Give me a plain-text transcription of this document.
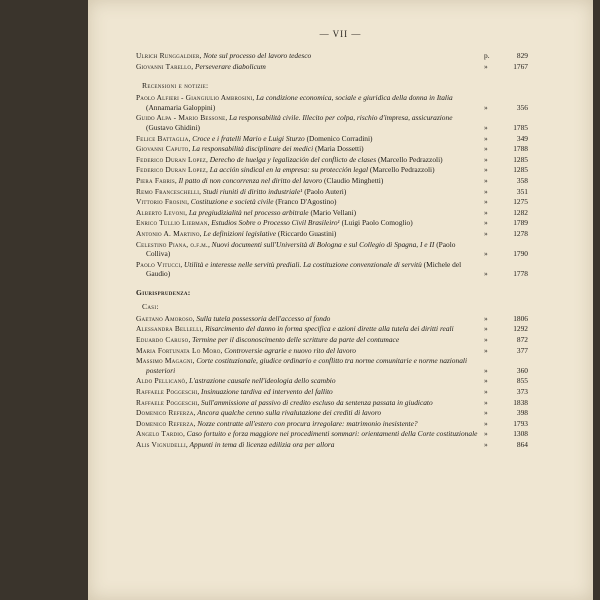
— VII —
Ulrich Runggaldier, Note sul processo del lavoro tedesco	p.	829
Giovanni Tarello, Perseverare diabolicum	»	1767
Recensioni e notizie:
Paolo Alfieri - Giangiulio Ambrosini, La condizione economica, sociale e giuridica della donna in Italia (Annamaria Galoppini)	»	356
Guido Alpa - Mario Bessone, La responsabilità civile. Illecito per colpa, rischio d'impresa, assicurazione (Gustavo Ghidini)	»	1785
Felice Battaglia, Croce e i fratelli Mario e Luigi Sturzo (Domenico Corradini)	»	349
Giovanni Caputo, La responsabilità disciplinare dei medici (Maria Dossetti)	»	1788
Federico Duran Lopez, Derecho de huelga y legalización del conflicto de clases (Marcello Pedrazzoli)	»	1285
Federico Duran Lopez, La acción sindical en la empresa: su protección legal (Marcello Pedrazzoli)	»	1285
Piera Fabris, Il patto di non concorrenza nel diritto del lavoro (Claudio Minghetti)	»	358
Remo Franceschelli, Studi riuniti di diritto industriale¹ (Paolo Auteri)	»	351
Vittorio Frosini, Costituzione e società civile (Franco D'Agostino)	»	1275
Alberto Levoni, La pregiudizialità nel processo arbitrale (Mario Vellani)	»	1282
Enrico Tullio Liebman, Estudios Sobre o Processo Civil Brasileiro¹ (Luigi Paolo Comoglio)	»	1789
Antonio A. Martino, Le definizioni legislative (Riccardo Guastini)	»	1278
Celestino Piana, o.f.m., Nuovi documenti sull'Università di Bologna e sul Collegio di Spagna, I e II (Paolo Colliva)	»	1790
Paolo Vitucci, Utilità e interesse nelle servitù prediali. La costituzione convenzionale di servitù (Michele del Gaudio)	»	1778
Giurisprudenza:
Casi:
Gaetano Amoroso, Sulla tutela possessoria dell'accesso al fondo	»	1806
Alessandra Bellelli, Risarcimento del danno in forma specifica e azioni dirette alla tutela dei diritti reali	»	1292
Eduardo Caruso, Termine per il disconoscimento delle scritture da parte del contumace	»	872
Maria Fortunata Lo Moro, Controversie agrarie e nuovo rito del lavoro	»	377
Massimo Magagni, Corte costituzionale, giudice ordinario e conflitto tra norme comunitarie e norme nazionali posteriori	»	360
Aldo Pellicanò, L'astrazione causale nell'ideologia dello scambio	»	855
Raffaele Poggeschi, Insinuazione tardiva ed intervento del fallito	»	373
Raffaele Poggeschi, Sull'ammissione al passivo di credito escluso da sentenza passata in giudicato	»	1838
Domenico Referza, Ancora qualche cenno sulla rivalutazione dei crediti di lavoro	»	398
Domenico Referza, Nozze contratte all'estero con procura irregolare: matrimonio inesistente?	»	1793
Angelo Tardio, Caso fortuito e forza maggiore nei procedimenti sommari: orientamenti della Corte costituzionale »	1308
Alis Vignudelli, Appunti in tema di licenza edilizia ora per allora	»	864
